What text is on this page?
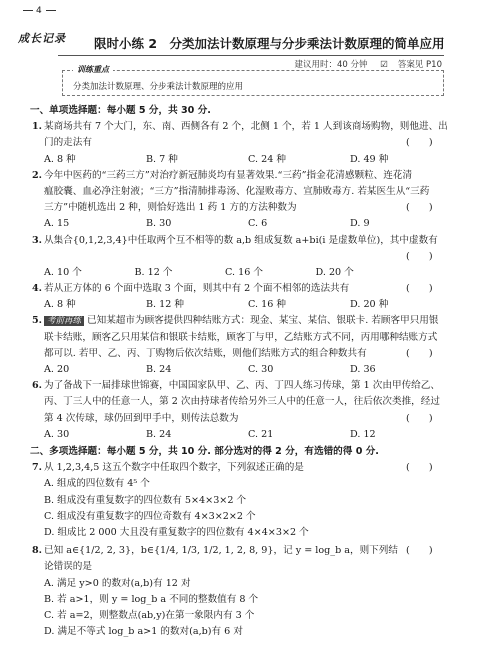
4
成长记录 限时小练 2　分类加法计数原理与分步乘法计数原理的简单应用
建议用时：40 分钟 ☑ 答案见 P10
训练重点
分类加法计数原理、分步乘法计数原理的应用
一、单项选择题：每小题 5 分，共 30 分.
1. 某商场共有 7 个大门，东、南、西侧各有 2 个，北侧 1 个，若 1 人到该商场购物，则他进、出
(　　)
门的走法有
A. 8 种	B. 7 种	C. 24 种	D. 49 种
2. 今年中医药的“三药三方”对治疗新冠肺炎均有显著效果.“三药”指金花清感颗粒、连花清
瘟胶囊、血必净注射液；“三方”指清肺排毒汤、化湿败毒方、宣肺败毒方. 若某医生从“三药
(　　)
三方”中随机选出 2 种，则恰好选出 1 药 1 方的方法种数为
A. 15	B. 30	C. 6	D. 9
3. 从集合{0,1,2,3,4}中任取两个互不相等的数 a,b 组成复数 a+bi(i 是虚数单位)，其中虚数有
(　　)
A. 10 个	B. 12 个	C. 16 个	D. 20 个
4.	(　　)
若从正方体的 6 个面中选取 3 个面，则其中有 2 个面不相邻的选法共有
A. 8 种	B. 12 种	C. 16 种	D. 20 种
5. 考前再练 已知某超市为顾客提供四种结账方式：现金、某宝、某信、银联卡. 若顾客甲只用银
联卡结账，顾客乙只用某信和银联卡结账，顾客丁与甲，乙结账方式不同，丙用哪种结账方式
(　　)
都可以. 若甲、乙、丙、丁购物后依次结账，则他们结账方式的组合种数共有
A. 20	B. 24	C. 30	D. 36
6. 为了备战下一届排球世锦赛，中国国家队甲、乙、丙、丁四人练习传球，第 1 次由甲传给乙、
丙、丁三人中的任意一人，第 2 次由持球者传给另外三人中的任意一人，往后依次类推，经过
(　　)
第 4 次传球，球仍回到甲手中，则传法总数为
A. 30	B. 24	C. 21	D. 12
二、多项选择题：每小题 5 分，共 10 分. 部分选对的得 2 分，有选错的得 0 分.
7.	(　　)
从 1,2,3,4,5 这五个数字中任取四个数字，下列叙述正确的是
A. 组成的四位数有 4⁵ 个
B. 组成没有重复数字的四位数有 5×4×3×2 个
C. 组成没有重复数字的四位奇数有 4×3×2×2 个
D. 组成比 2 000 大且没有重复数字的四位数有 4×4×3×2 个
8.	(　　)
已知 a∈{1/2, 2, 3}，b∈{1/4, 1/3, 1/2, 1, 2, 8, 9}，记 y = log_b a，则下列结论错误的是
A. 满足 y>0 的数对(a,b)有 12 对
B. 若 a>1，则 y = log_b a 不同的整数值有 8 个
C. 若 a=2，则整数点(ab,y)在第一象限内有 3 个
D. 满足不等式 log_b a>1 的数对(a,b)有 6 对
